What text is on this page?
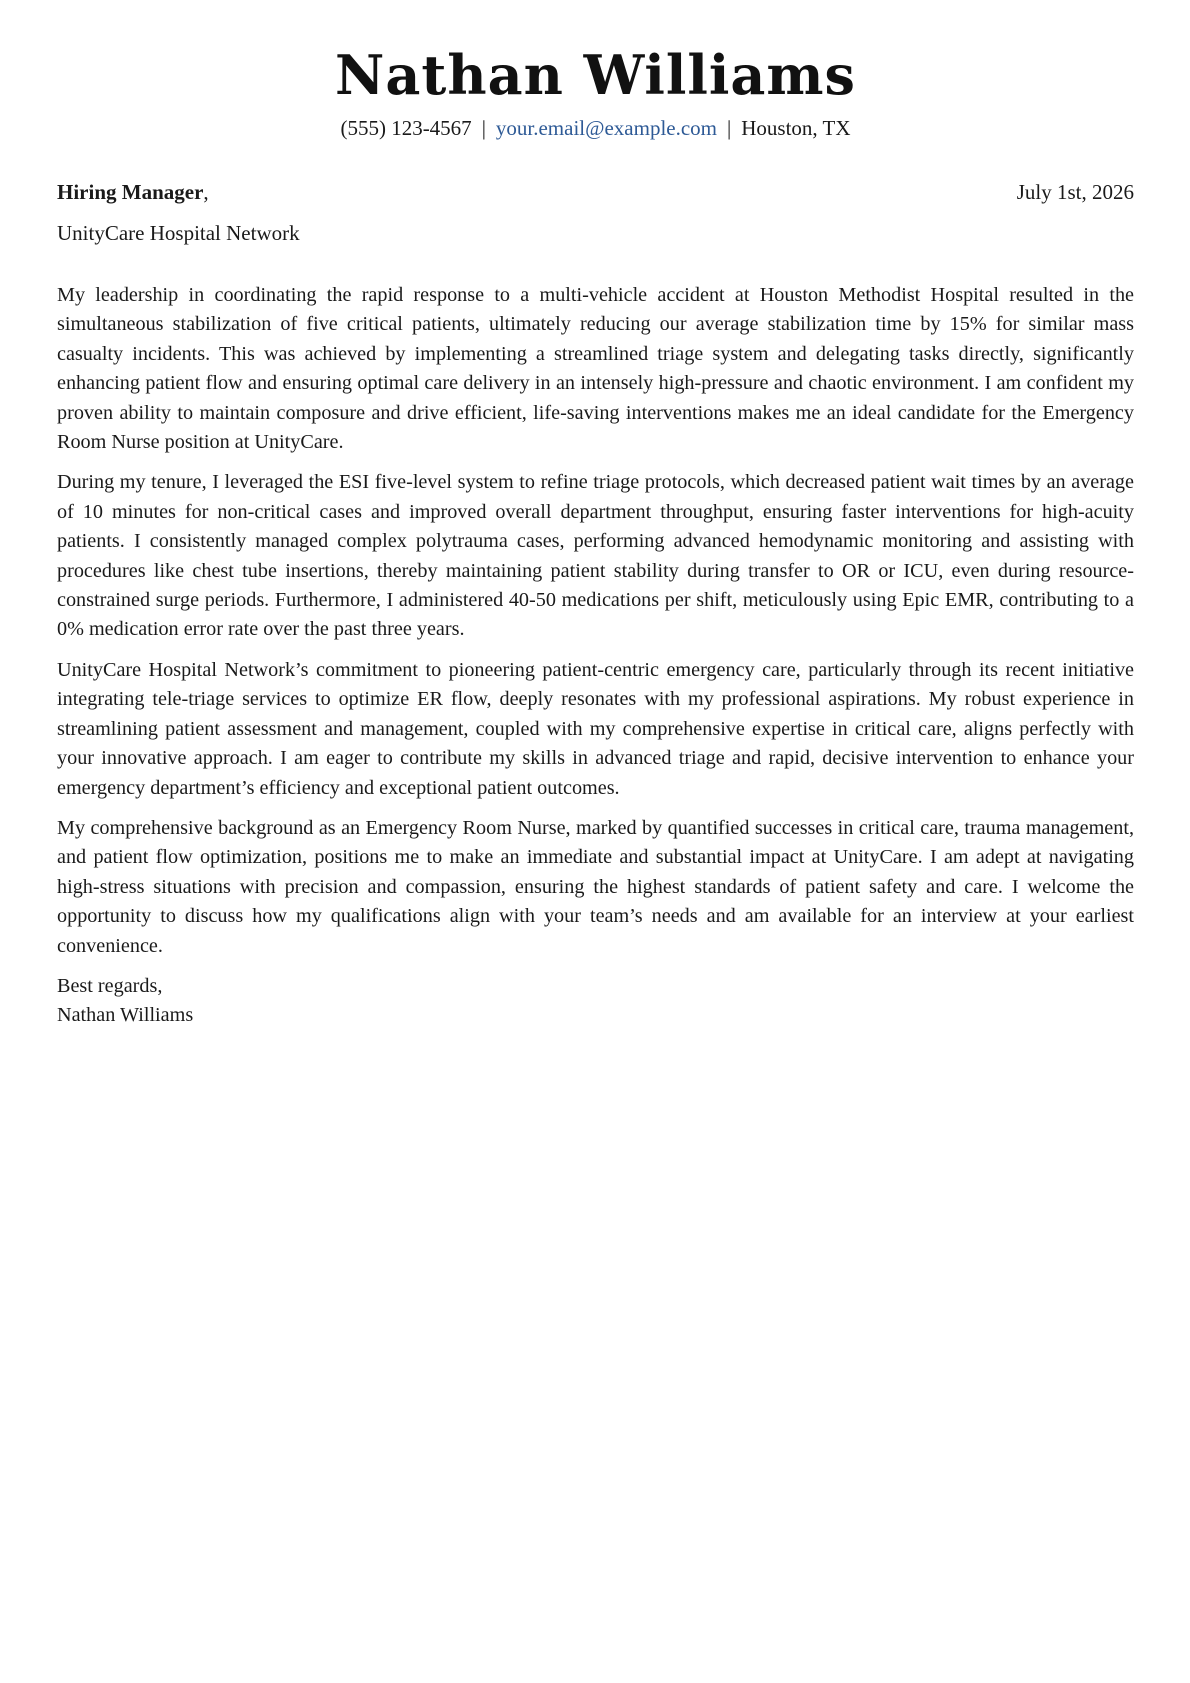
Nathan Williams
(555) 123-4567 | your.email@example.com | Houston, TX
Hiring Manager,	July 1st, 2026
UnityCare Hospital Network

My leadership in coordinating the rapid response to a multi-vehicle accident at Houston Methodist Hospital resulted in the simultaneous stabilization of five critical patients, ultimately reducing our average stabilization time by 15% for similar mass casualty incidents. This was achieved by implementing a streamlined triage system and delegating tasks directly, significantly enhancing patient flow and ensuring optimal care delivery in an intensely high-pressure and chaotic environment. I am confident my proven ability to maintain composure and drive efficient, life-saving interventions makes me an ideal candidate for the Emergency Room Nurse position at UnityCare.

During my tenure, I leveraged the ESI five-level system to refine triage protocols, which decreased patient wait times by an average of 10 minutes for non-critical cases and improved overall department throughput, ensuring faster interventions for high-acuity patients. I consistently managed complex polytrauma cases, performing advanced hemodynamic monitoring and assisting with procedures like chest tube insertions, thereby maintaining patient stability during transfer to OR or ICU, even during resource-constrained surge periods. Furthermore, I administered 40-50 medications per shift, meticulously using Epic EMR, contributing to a 0% medication error rate over the past three years.

UnityCare Hospital Network’s commitment to pioneering patient-centric emergency care, particularly through its recent initiative integrating tele-triage services to optimize ER flow, deeply resonates with my professional aspirations. My robust experience in streamlining patient assessment and management, coupled with my comprehensive expertise in critical care, aligns perfectly with your innovative approach. I am eager to contribute my skills in advanced triage and rapid, decisive intervention to enhance your emergency department’s efficiency and exceptional patient outcomes.

My comprehensive background as an Emergency Room Nurse, marked by quantified successes in critical care, trauma management, and patient flow optimization, positions me to make an immediate and substantial impact at UnityCare. I am adept at navigating high-stress situations with precision and compassion, ensuring the highest standards of patient safety and care. I welcome the opportunity to discuss how my qualifications align with your team’s needs and am available for an interview at your earliest convenience.

Best regards,
Nathan Williams
